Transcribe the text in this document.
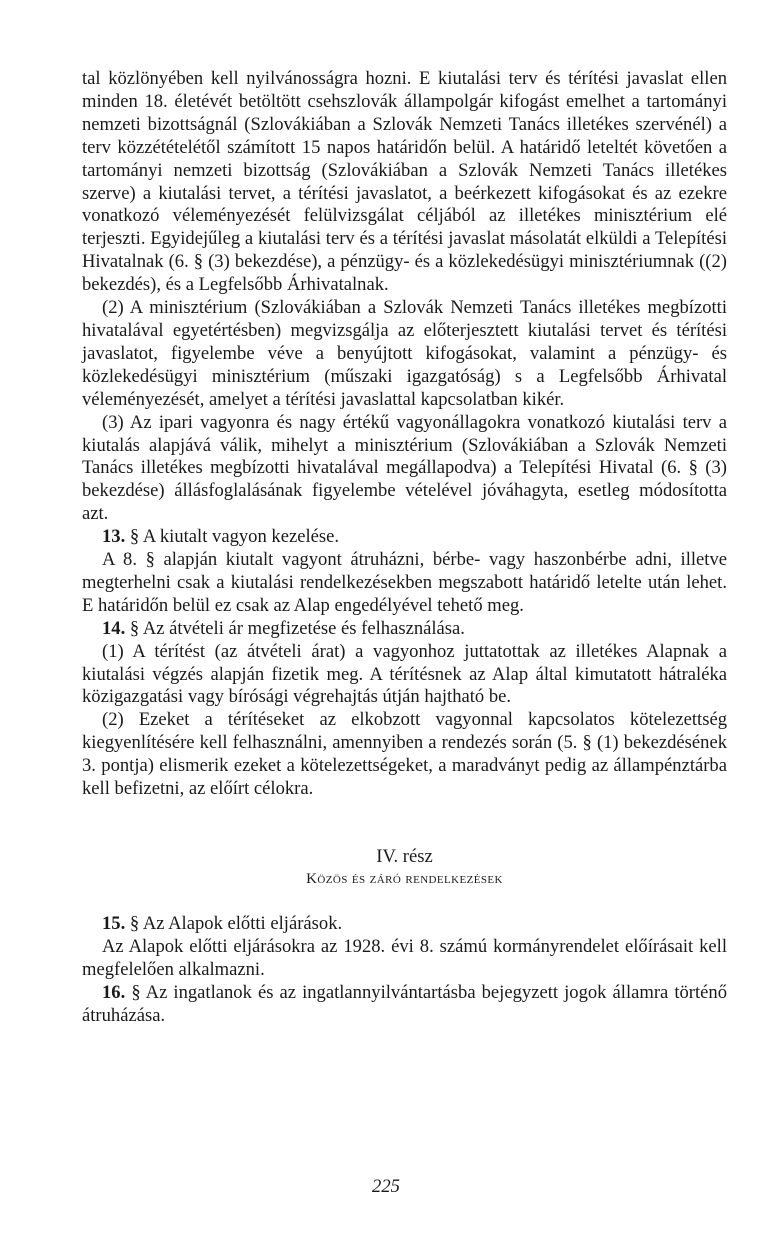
tal közlönyében kell nyilvánosságra hozni. E kiutalási terv és térítési javaslat ellen minden 18. életévét betöltött csehszlovák állampolgár kifogást emelhet a tartományi nemzeti bizottságnál (Szlovákiában a Szlovák Nemzeti Tanács illetékes szervénél) a terv közzétételétől számított 15 napos határidőn belül. A határidő leteltét követően a tartományi nemzeti bizottság (Szlovákiában a Szlovák Nemzeti Tanács illetékes szerve) a kiutalási tervet, a térítési javaslatot, a beérkezett kifogásokat és az ezekre vonatkozó véleményezését felülvizsgálat céljából az illetékes minisztérium elé terjeszti. Egyidejűleg a kiutalási terv és a térítési javaslat másolatát elküldi a Telepítési Hivatalnak (6. § (3) bekezdése), a pénzügy- és a közlekedésügyi minisztériumnak ((2) bekezdés), és a Legfelsőbb Árhivatalnak.

(2) A minisztérium (Szlovákiában a Szlovák Nemzeti Tanács illetékes megbízotti hivatalával egyetértésben) megvizsgálja az előterjesztett kiutalási tervet és térítési javaslatot, figyelembe véve a benyújtott kifogásokat, valamint a pénzügy- és közlekedésügyi minisztérium (műszaki igazgatóság) s a Legfelsőbb Árhivatal véleményezését, amelyet a térítési javaslattal kapcsolatban kikér.

(3) Az ipari vagyonra és nagy értékű vagyonállagokra vonatkozó kiutalási terv a kiutalás alapjává válik, mihelyt a minisztérium (Szlovákiában a Szlovák Nemzeti Tanács illetékes megbízotti hivatalával megállapodva) a Telepítési Hivatal (6. § (3) bekezdése) állásfoglalásának figyelembe vételével jóváhagyta, esetleg módosította azt.

13. § A kiutalt vagyon kezelése.

A 8. § alapján kiutalt vagyont átruházni, bérbe- vagy haszonbérbe adni, illetve megterhelni csak a kiutalási rendelkezésekben megszabott határidő letelte után lehet. E határidőn belül ez csak az Alap engedélyével tehető meg.

14. § Az átvételi ár megfizetése és felhasználása.

(1) A térítést (az átvételi árat) a vagyonhoz juttatottak az illetékes Alapnak a kiutalási végzés alapján fizetik meg. A térítésnek az Alap által kimutatott hátraléka közigazgatási vagy bírósági végrehajtás útján hajtható be.

(2) Ezeket a térítéseket az elkobzott vagyonnal kapcsolatos kötelezettség kiegyenlítésére kell felhasználni, amennyiben a rendezés során (5. § (1) bekezdésének 3. pontja) elismerik ezeket a kötelezettségeket, a maradványt pedig az állampénztárba kell befizetni, az előírt célokra.

IV. rész

Közös és záró rendelkezések

15. § Az Alapok előtti eljárások.

Az Alapok előtti eljárásokra az 1928. évi 8. számú kormányrendelet előírásait kell megfelelően alkalmazni.

16. § Az ingatlanok és az ingatlannyilvántartásba bejegyzett jogok államra történő átruházása.

225
